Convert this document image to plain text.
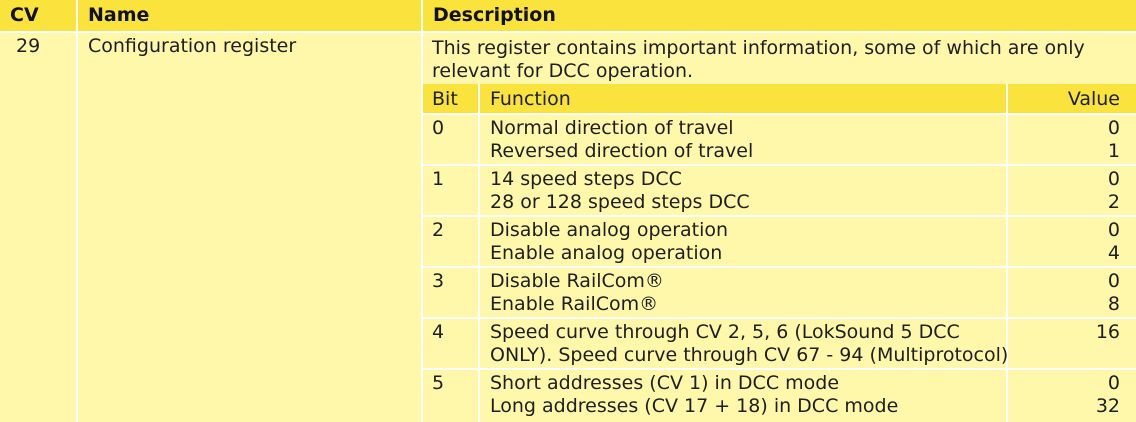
CV	Name	Description
29	Configuration register	This register contains important information, some of which are only
relevant for DCC operation.
Bit Function	Value
0 Normal direction of travel	0
Reversed direction of travel	1
1 14 speed steps DCC	0
28 or 128 speed steps DCC	2
2 Disable analog operation	0
Enable analog operation	4
3 Disable RailCom®	0
Enable RailCom®	8
4 Speed curve through CV 2, 5, 6 (LokSound 5 DCC	16
ONLY). Speed curve through CV 67 - 94 (Multiprotocol)
5 Short addresses (CV 1) in DCC mode	0
Long addresses (CV 17 + 18) in DCC mode	32
